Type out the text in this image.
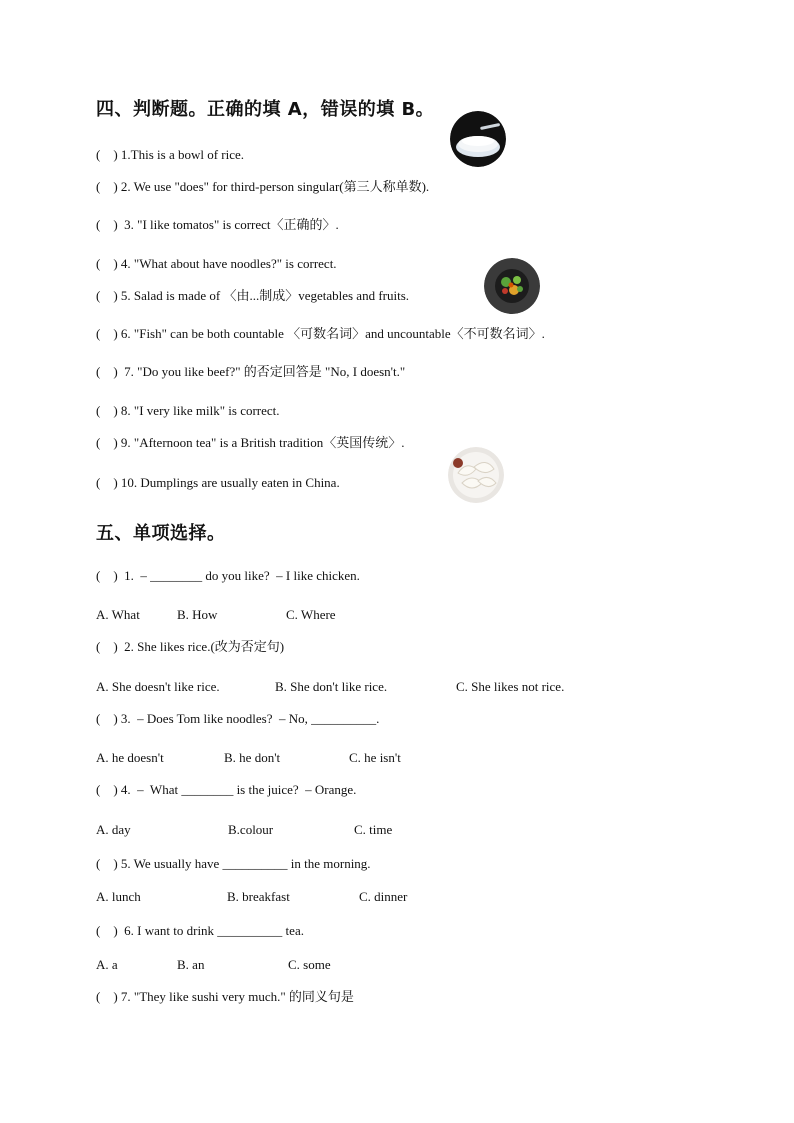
四、判断题。正确的填 A，错误的填 B。
(    ) 1.This is a bowl of rice.
(    ) 2. We use "does" for third-person singular(第三人称单数).
(    )  3. "I like tomatos" is correct〈正确的〉.
(    ) 4. "What about have noodles?" is correct.
(    ) 5. Salad is made of 〈由...制成〉vegetables and fruits.
(    ) 6. "Fish" can be both countable 〈可数名词〉and uncountable〈不可数名词〉.
(    )  7. "Do you like beef?" 的否定回答是 "No, I doesn't."
(    ) 8. "I very like milk" is correct.
(    ) 9. "Afternoon tea" is a British tradition〈英国传统〉.
(    ) 10. Dumplings are usually eaten in China.
五、单项选择。
(    )  1.  – ________ do you like?  – I like chicken.
A. What	B. How	C. Where
(    )  2. She likes rice.(改为否定句)
A. She doesn't like rice.	B. She don't like rice.	C. She likes not rice.
(    ) 3.  – Does Tom like noodles?  – No, __________.
A. he doesn't	B. he don't	C. he isn't
(    ) 4.  –  What ________ is the juice?  – Orange.
A. day	B.colour	C. time
(    ) 5. We usually have __________ in the morning.
A. lunch	B. breakfast	C. dinner
(    )  6. I want to drink __________ tea.
A. a	B. an	C. some
(    ) 7. "They like sushi very much." 的同义句是
